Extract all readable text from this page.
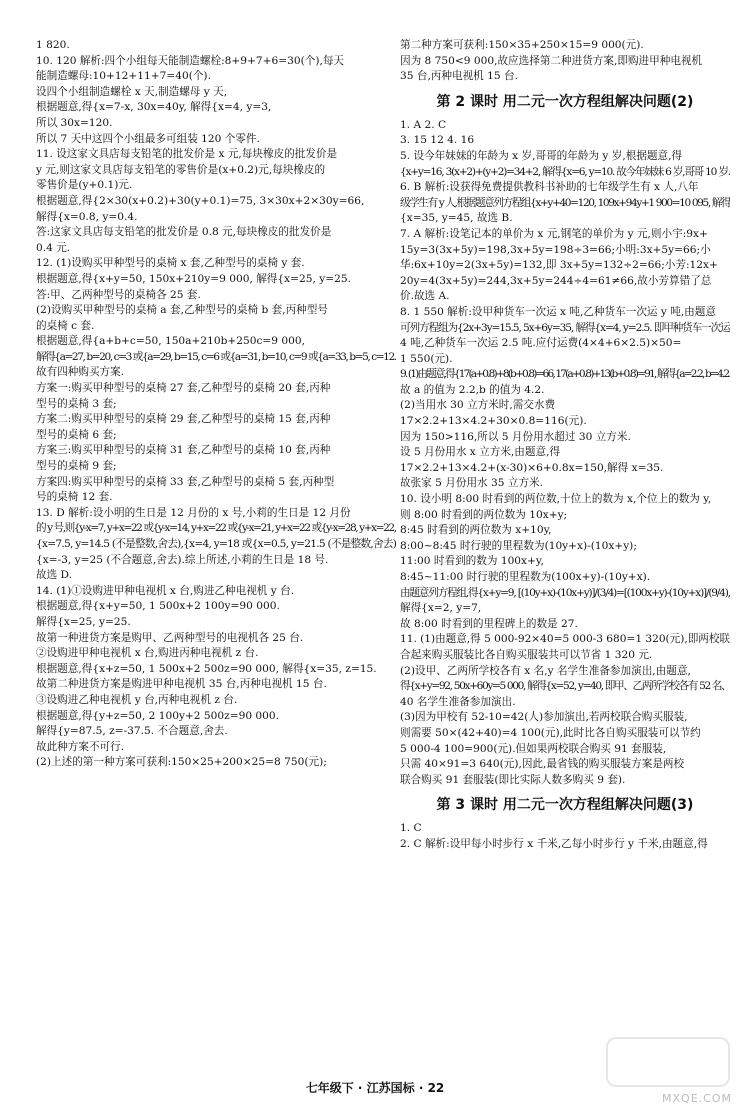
1 820.
10. 120 解析:四个小组每天能制造螺栓:8+9+7+6=30(个),每天
能制造螺母:10+12+11+7=40(个).
设四个小组制造螺栓 x 天,制造螺母 y 天,
根据题意,得{x=7-x, 30x=40y, 解得{x=4, y=3,
所以 30x=120.
所以 7 天中这四个小组最多可组装 120 个零件.
11. 设这家文具店每支铅笔的批发价是 x 元,每块橡皮的批发价是
y 元,则这家文具店每支铅笔的零售价是(x+0.2)元,每块橡皮的
零售价是(y+0.1)元.
根据题意,得{2×30(x+0.2)+30(y+0.1)=75, 3×30x+2×30y=66,
解得{x=0.8, y=0.4.
答:这家文具店每支铅笔的批发价是 0.8 元,每块橡皮的批发价是
0.4 元.
12. (1)设购买甲种型号的桌椅 x 套,乙种型号的桌椅 y 套.
根据题意,得{x+y=50, 150x+210y=9 000, 解得{x=25, y=25.
答:甲、乙两种型号的桌椅各 25 套.
(2)设购买甲种型号的桌椅 a 套,乙种型号的桌椅 b 套,丙种型号
的桌椅 c 套.
根据题意,得{a+b+c=50, 150a+210b+250c=9 000,
解得{a=27, b=20, c=3 或{a=29, b=15, c=6 或{a=31, b=10, c=9 或{a=33, b=5, c=12.
故有四种购买方案.
方案一:购买甲种型号的桌椅 27 套,乙种型号的桌椅 20 套,丙种
型号的桌椅 3 套;
方案二:购买甲种型号的桌椅 29 套,乙种型号的桌椅 15 套,丙种
型号的桌椅 6 套;
方案三:购买甲种型号的桌椅 31 套,乙种型号的桌椅 10 套,丙种
型号的桌椅 9 套;
方案四:购买甲种型号的桌椅 33 套,乙种型号的桌椅 5 套,丙种型
号的桌椅 12 套.
13. D 解析:设小明的生日是 12 月份的 x 号,小莉的生日是 12 月份
的 y 号,则{y-x=7, y+x=22 或{y-x=14, y+x=22 或{y-x=21, y+x=22 或{y-x=28, y+x=22,
{x=7.5, y=14.5 (不是整数,舍去),{x=4, y=18 或{x=0.5, y=21.5 (不是整数,舍去)
{x=-3, y=25 (不合题意,舍去).综上所述,小莉的生日是 18 号.
故选 D.
14. (1)①设购进甲种电视机 x 台,购进乙种电视机 y 台.
根据题意,得{x+y=50, 1 500x+2 100y=90 000.
解得{x=25, y=25.
故第一种进货方案是购甲、乙两种型号的电视机各 25 台.
②设购进甲种电视机 x 台,购进丙种电视机 z 台.
根据题意,得{x+z=50, 1 500x+2 500z=90 000, 解得{x=35, z=15.
故第二种进货方案是购进甲种电视机 35 台,丙种电视机 15 台.
③设购进乙种电视机 y 台,丙种电视机 z 台.
根据题意,得{y+z=50, 2 100y+2 500z=90 000.
解得{y=87.5, z=-37.5. 不合题意,舍去.
故此种方案不可行.
(2)上述的第一种方案可获利:150×25+200×25=8 750(元);
第二种方案可获利:150×35+250×15=9 000(元).
因为 8 750<9 000,故应选择第二种进货方案,即购进甲种电视机
35 台,丙种电视机 15 台.
第 2 课时 用二元一次方程组解决问题(2)
1. A 2. C
3. 15 12 4. 16
5. 设今年妹妹的年龄为 x 岁,哥哥的年龄为 y 岁,根据题意,得
{x+y=16, 3(x+2)+(y+2)=34+2, 解得{x=6, y=10. 故今年妹妹 6 岁,哥哥 10 岁.
6. B 解析:设获得免费提供教科书补助的七年级学生有 x 人,八年
级学生有 y 人,根据题意列方程组{x+y+40=120, 109x+94y+1 900=10 095, 解得
{x=35, y=45, 故选 B.
7. A 解析:设笔记本的单价为 x 元,钢笔的单价为 y 元,则小宇:9x+
15y=3(3x+5y)=198,3x+5y=198÷3=66;小明:3x+5y=66;小
华:6x+10y=2(3x+5y)=132,即 3x+5y=132÷2=66;小芳:12x+
20y=4(3x+5y)=244,3x+5y=244÷4=61≠66,故小芳算错了总
价.故选 A.
8. 1 550 解析:设甲种货车一次运 x 吨,乙种货车一次运 y 吨,由题意
可列方程组为{2x+3y=15.5, 5x+6y=35, 解得{x=4, y=2.5. 即甲种货车一次运
4 吨,乙种货车一次运 2.5 吨.应付运费(4×4+6×2.5)×50=
1 550(元).
9. (1)由题意,得{17(a+0.8)+8(b+0.8)=66, 17(a+0.8)+13(b+0.8)=91, 解得{a=2.2, b=4.2.
故 a 的值为 2.2,b 的值为 4.2.
(2)当用水 30 立方米时,需交水费
17×2.2+13×4.2+30×0.8=116(元).
因为 150>116,所以 5 月份用水超过 30 立方米.
设 5 月份用水 x 立方米,由题意,得
17×2.2+13×4.2+(x-30)×6+0.8x=150,解得 x=35.
故张家 5 月份用水 35 立方米.
10. 设小明 8:00 时看到的两位数,十位上的数为 x,个位上的数为 y,
则 8:00 时看到的两位数为 10x+y;
8:45 时看到的两位数为 x+10y,
8:00~8:45 时行驶的里程数为(10y+x)-(10x+y);
11:00 时看到的数为 100x+y,
8:45~11:00 时行驶的里程数为(100x+y)-(10y+x).
由题意列方程组,得{x+y=9, [(10y+x)-(10x+y)]/(3/4)=[(100x+y)-(10y+x)]/(9/4),
解得{x=2, y=7,
故 8:00 时看到的里程碑上的数是 27.
11. (1)由题意,得 5 000-92×40=5 000-3 680=1 320(元),即两校联
合起来购买服装比各自购买服装共可以节省 1 320 元.
(2)设甲、乙两所学校各有 x 名,y 名学生准备参加演出,由题意,
得{x+y=92, 50x+60y=5 000, 解得{x=52, y=40, 即甲、乙两所学校各有 52 名、
40 名学生准备参加演出.
(3)因为甲校有 52-10=42(人)参加演出,若两校联合购买服装,
则需要 50×(42+40)=4 100(元),此时比各自购买服装可以节约
5 000-4 100=900(元).但如果两校联合购买 91 套服装,
只需 40×91=3 640(元),因此,最省钱的购买服装方案是两校
联合购买 91 套服装(即比实际人数多购买 9 套).
第 3 课时 用二元一次方程组解决问题(3)
1. C
2. C 解析:设甲每小时步行 x 千米,乙每小时步行 y 千米,由题意,得
七年级下 · 江苏国标 · 22
MXQE.COM
